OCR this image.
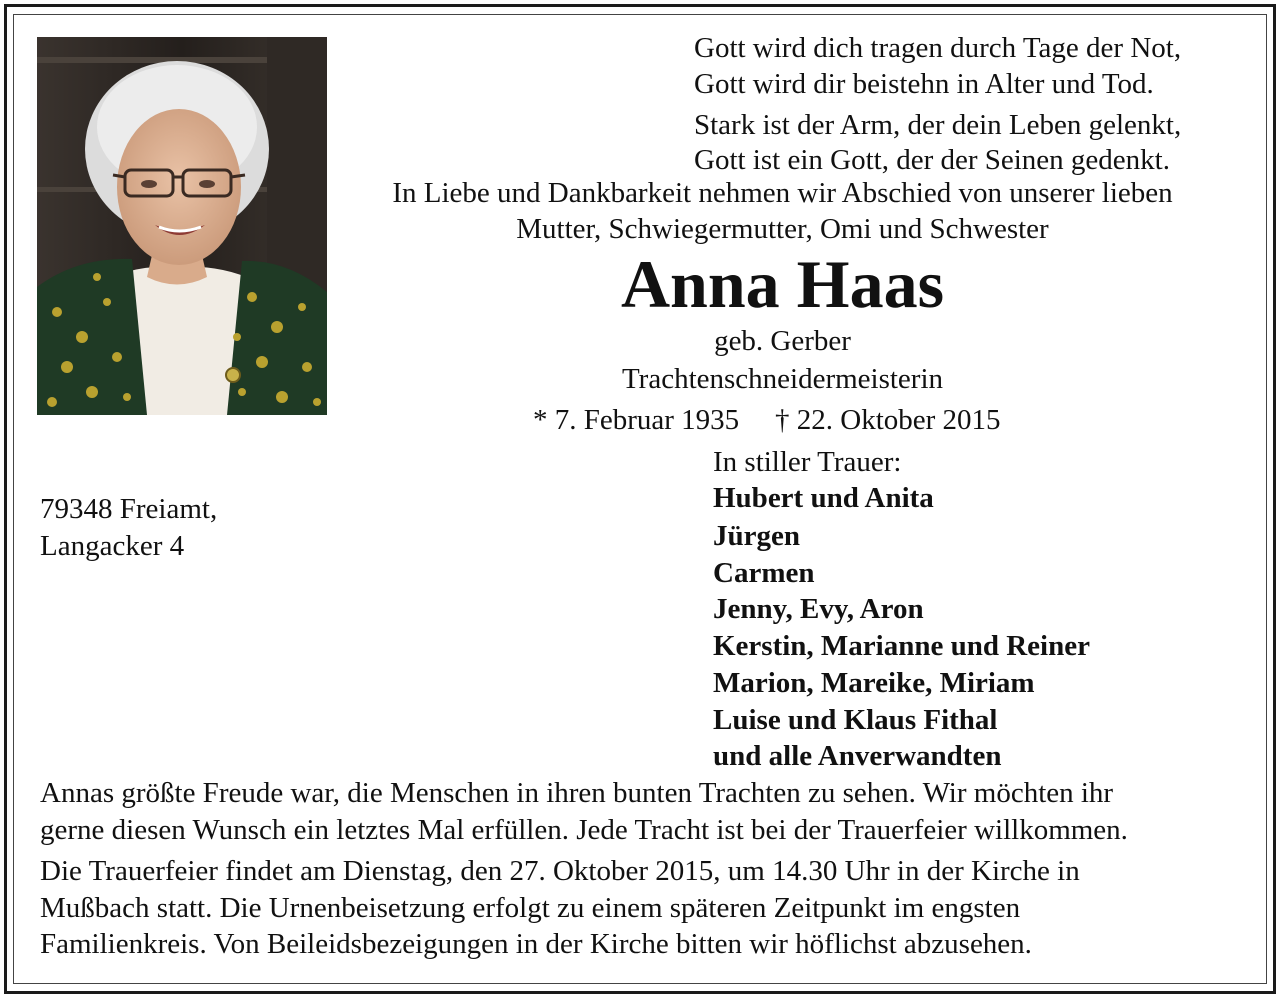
Gott wird dich tragen durch Tage der Not,
Gott wird dir beistehn in Alter und Tod.
Stark ist der Arm, der dein Leben gelenkt,
Gott ist ein Gott, der der Seinen gedenkt.
In Liebe und Dankbarkeit nehmen wir Abschied von unserer lieben
Mutter, Schwiegermutter, Omi und Schwester
Anna Haas
geb. Gerber
Trachtenschneidermeisterin
* 7. Februar 1935 † 22. Oktober 2015
79348 Freiamt,
Langacker 4
In stiller Trauer:
Hubert und Anita
Jürgen
Carmen
Jenny, Evy, Aron
Kerstin, Marianne und Reiner
Marion, Mareike, Miriam
Luise und Klaus Fithal
und alle Anverwandten
Annas größte Freude war, die Menschen in ihren bunten Trachten zu sehen. Wir möchten ihr
gerne diesen Wunsch ein letztes Mal erfüllen. Jede Tracht ist bei der Trauerfeier willkommen.
Die Trauerfeier findet am Dienstag, den 27. Oktober 2015, um 14.30 Uhr in der Kirche in
Mußbach statt. Die Urnenbeisetzung erfolgt zu einem späteren Zeitpunkt im engsten
Familienkreis. Von Beileidsbezeigungen in der Kirche bitten wir höflichst abzusehen.
